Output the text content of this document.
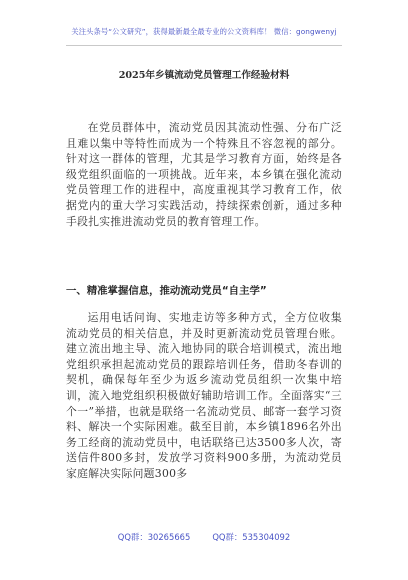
关注头条号“公文研究”，获得最新最全最专业的公文资料库！ 微信：gongwenyj
2025年乡镇流动党员管理工作经验材料

在党员群体中，流动党员因其流动性强、分布广泛且难以集中等特性而成为一个特殊且不容忽视的部分。针对这一群体的管理，尤其是学习教育方面，始终是各级党组织面临的一项挑战。近年来，本乡镇在强化流动党员管理工作的进程中，高度重视其学习教育工作，依据党内的重大学习实践活动，持续探索创新，通过多种手段扎实推进流动党员的教育管理工作。

一、精准掌握信息，推动流动党员“自主学”

运用电话问询、实地走访等多种方式，全方位收集流动党员的相关信息，并及时更新流动党员管理台账。建立流出地主导、流入地协同的联合培训模式，流出地党组织承担起流动党员的跟踪培训任务，借助冬春训的契机，确保每年至少为返乡流动党员组织一次集中培训，流入地党组织积极做好辅助培训工作。全面落实“三个一”举措，也就是联络一名流动党员、邮寄一套学习资料、解决一个实际困难。截至目前，本乡镇1896名外出务工经商的流动党员中，电话联络已达3500多人次，寄送信件800多封，发放学习资料900多册，为流动党员家庭解决实际问题300多

QQ群：30265665	QQ群：535304092
